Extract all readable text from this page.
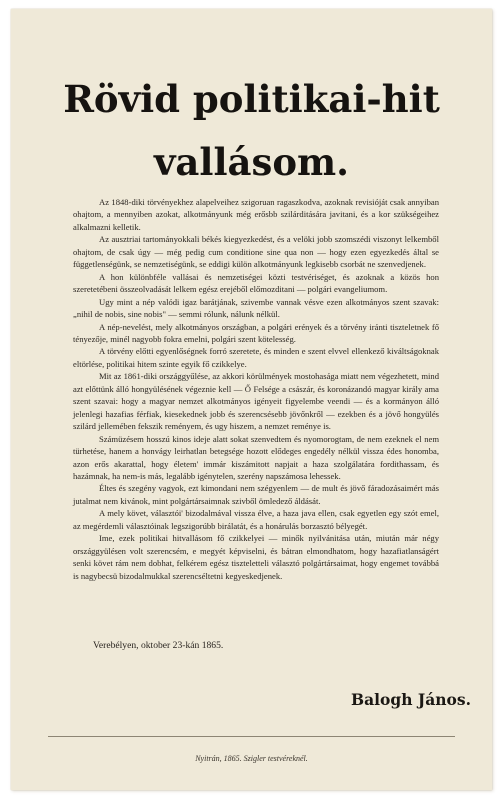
Rövid politikai-hit
vallásom.

Az 1848-diki törvényekhez alapelveihez szigoruan ragaszkodva, azoknak revisióját csak annyiban ohajtom, a mennyiben azokat, alkotmányunk még erősbb szilárditására javitani, és a kor szükségeihez alkalmazni kelletik.

Az ausztriai tartományokkali békés kiegyezkedést, és a velöki jobb szomszédi viszonyt lelkemből ohajtom, de csak úgy — még pedig cum conditione sine qua non — hogy ezen egyezkedés által se függetlenségünk, se nemzetiségünk, se eddigi külön alkotmányunk legkisebb csorbát ne szenvedjenek.

A hon különbféle vallásai és nemzetiségei közti testvériséget, és azoknak a közös hon szeretetébeni összeolvadását lelkem egész erejéből előmozditani — polgári evangeliumom.

Ugy mint a nép valódi igaz barátjának, szivembe vannak vésve ezen alkotmányos szent szavak: „nihil de nobis, sine nobis" — semmi rólunk, nálunk nélkül.

A nép-nevelést, mely alkotmányos országban, a polgári erények és a törvény iránti tiszteletnek fő tényezője, minél nagyobb fokra emelni, polgári szent kötelesség.

A törvény előtti egyenlőségnek forró szeretete, és minden e szent elvvel ellenkező kiváltságoknak eltörlése, politikai hitem szinte egyik fő czikkelye.

Mit az 1861-diki országgyűlése, az akkori körülmények mostohasága miatt nem végezhetett, mind azt előttünk álló hongyülésének végeznie kell — Ő Felsége a császár, és koronázandó magyar király ama szent szavai: hogy a magyar nemzet alkotmányos igényeit figyelembe veendi — és a kormányon álló jelenlegi hazafias férfiak, kiesekednek jobb és szerencsésebb jövőnkről — ezekben és a jövő hongyülés szilárd jellemében fekszik reményem, és ugy hiszem, a nemzet reménye is.

Számüzésem hosszú kinos ideje alatt sokat szenvedtem és nyomorogtam, de nem ezeknek el nem türhetése, hanem a honvágy leirhatlan betegsége hozott elődeges engedély nélkül vissza édes honomba, azon erős akarattal, hogy életem' immár kiszámitott napjait a haza szolgálatára fordithassam, és hazámnak, ha nem-is más, legalább igénytelen, szerény napszámosa lehessek.

Éltes és szegény vagyok, ezt kimondani nem szégyenlem — de mult és jövő fáradozásaimért más jutalmat nem kivánok, mint polgártársaimnak szivből ömledező áldását.

A mely követ, választói' bizodalmával vissza élve, a haza java ellen, csak egyetlen egy szót emel, az megérdemli választóinak legszigorúbb birálatát, és a honárulás borzasztó bélyegét.

Ime, ezek politikai hitvallásom fő czikkelyei — minők nyilvánitása után, miután már négy országgyülésen volt szerencsém, e megyét képviselni, és bátran elmondhatom, hogy hazafiatlanságért senki követ rám nem dobhat, felkérem egész tiszteletteli választó polgártársaimat, hogy engemet továbbá is nagybecsü bizodalmukkal szerencséltetni kegyeskedjenek.

Verebélyen, oktober 23-kán 1865.
Balogh János.
Nyitrán, 1865. Szigler testvéreknél.
